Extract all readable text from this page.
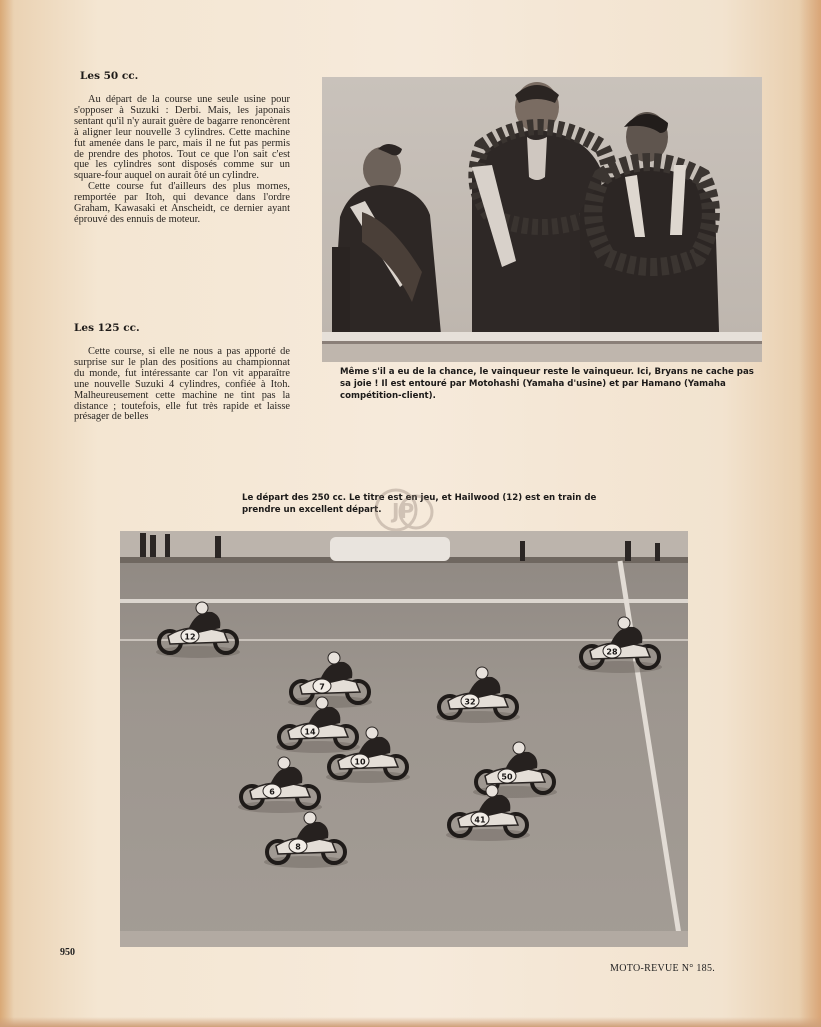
Les 50 cc.

Au départ de la course une seule usine pour s'opposer à Suzuki : Derbi. Mais, les japonais sentant qu'il n'y aurait guère de bagarre renoncèrent à aligner leur nouvelle 3 cylindres. Cette machine fut amenée dans le parc, mais il ne fut pas permis de prendre des photos. Tout ce que l'on sait c'est que les cylindres sont disposés comme sur un square-four auquel on aurait ôté un cylindre.

Cette course fut d'ailleurs des plus mornes, remportée par Itoh, qui devance dans l'ordre Graham, Kawasaki et Anscheidt, ce dernier ayant éprouvé des ennuis de moteur.

Les 125 cc.

Cette course, si elle ne nous a pas apporté de surprise sur le plan des positions au championnat du monde, fut intéressante car l'on vit apparaître une nouvelle Suzuki 4 cylindres, confiée à Itoh. Malheureusement cette machine ne tint pas la distance ; toutefois, elle fut très rapide et laisse présager de belles

Même s'il a eu de la chance, le vainqueur reste le vainqueur. Ici, Bryans ne cache pas sa joie ! Il est entouré par Motohashi (Yamaha d'usine) et par Hamano (Yamaha compétition-client).
Le départ des 250 cc. Le titre est en jeu, et Hailwood (12) est en train de prendre un excellent départ. JP
12
7
32
14
10
6
8
50
41
28
950
MOTO-REVUE N° 185.
